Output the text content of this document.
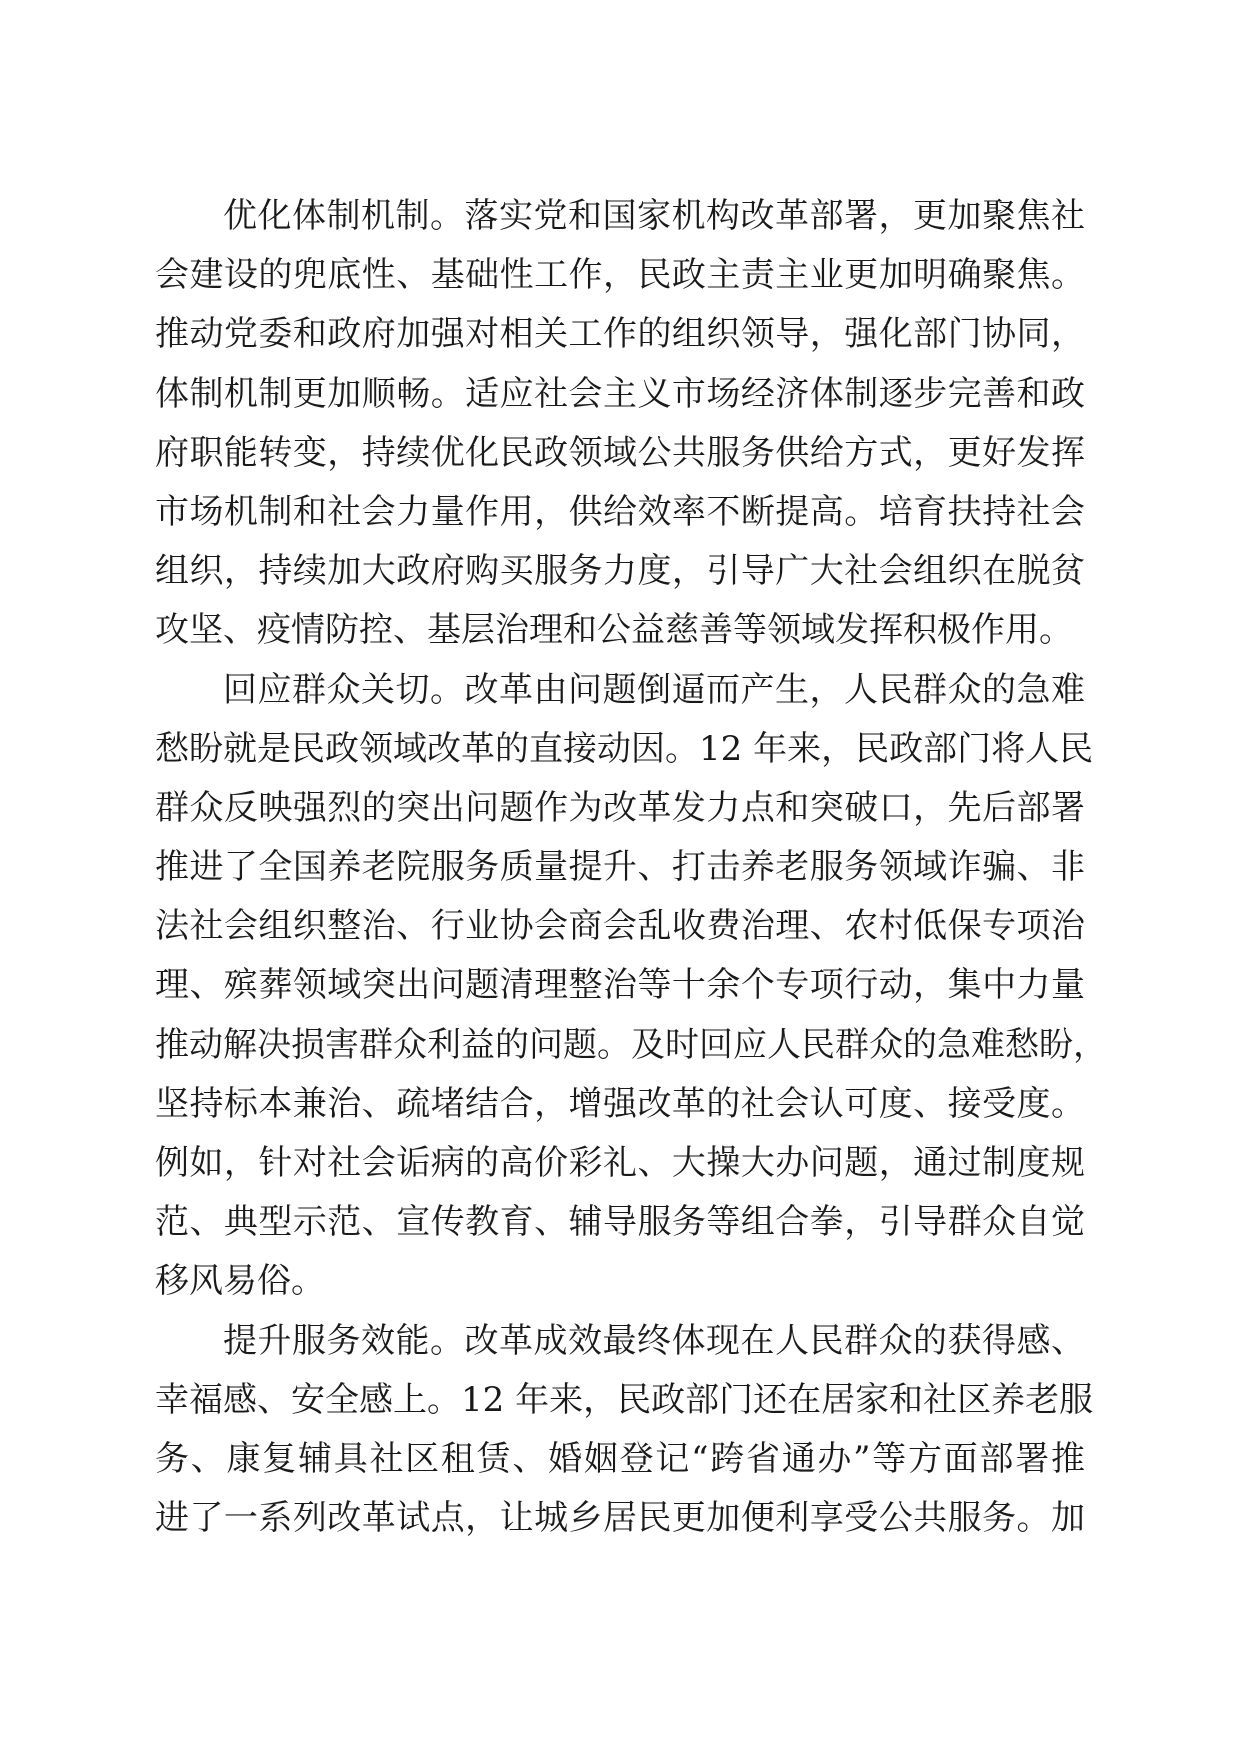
优化体制机制。落实党和国家机构改革部署，更加聚焦社
会建设的兜底性、基础性工作，民政主责主业更加明确聚焦。
推动党委和政府加强对相关工作的组织领导，强化部门协同，
体制机制更加顺畅。适应社会主义市场经济体制逐步完善和政
府职能转变，持续优化民政领域公共服务供给方式，更好发挥
市场机制和社会力量作用，供给效率不断提高。培育扶持社会
组织，持续加大政府购买服务力度，引导广大社会组织在脱贫
攻坚、疫情防控、基层治理和公益慈善等领域发挥积极作用。
回应群众关切。改革由问题倒逼而产生，人民群众的急难
愁盼就是民政领域改革的直接动因。12 年来，民政部门将人民
群众反映强烈的突出问题作为改革发力点和突破口，先后部署
推进了全国养老院服务质量提升、打击养老服务领域诈骗、非
法社会组织整治、行业协会商会乱收费治理、农村低保专项治
理、殡葬领域突出问题清理整治等十余个专项行动，集中力量
推动解决损害群众利益的问题。及时回应人民群众的急难愁盼，
坚持标本兼治、疏堵结合，增强改革的社会认可度、接受度。
例如，针对社会诟病的高价彩礼、大操大办问题，通过制度规
范、典型示范、宣传教育、辅导服务等组合拳，引导群众自觉
移风易俗。
提升服务效能。改革成效最终体现在人民群众的获得感、
幸福感、安全感上。12 年来，民政部门还在居家和社区养老服
务、康复辅具社区租赁、婚姻登记“跨省通办”等方面部署推
进了一系列改革试点，让城乡居民更加便利享受公共服务。加
